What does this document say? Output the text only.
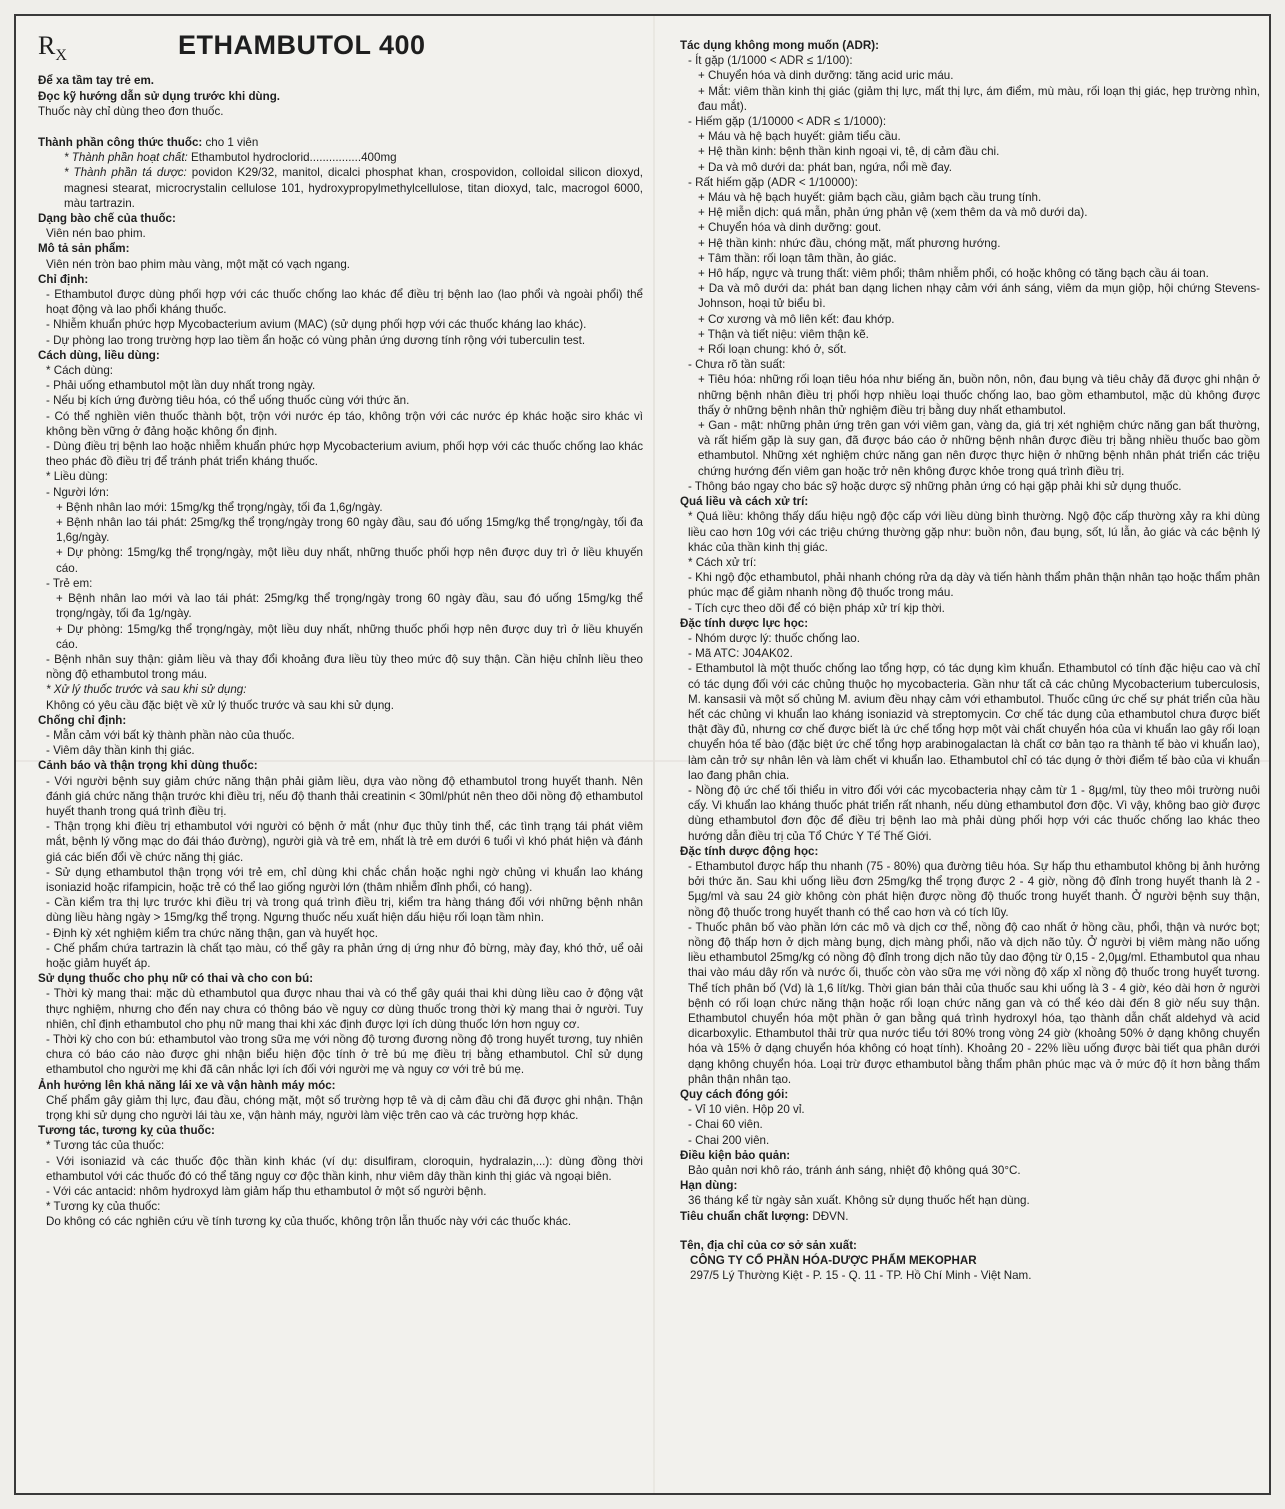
$R_X$	ETHAMBUTOL 400

Để xa tầm tay trẻ em.

Đọc kỹ hướng dẫn sử dụng trước khi dùng.

Thuốc này chỉ dùng theo đơn thuốc.

Thành phần công thức thuốc: cho 1 viên

* Thành phần hoạt chất: Ethambutol hydroclorid................400mg

* Thành phần tá dược: povidon K29/32, manitol, dicalci phosphat khan, crospovidon, colloidal silicon dioxyd, magnesi stearat, microcrystalin cellulose 101, hydroxypropylmethylcellulose, titan dioxyd, talc, macrogol 6000, màu tartrazin.

Dạng bào chế của thuốc:

Viên nén bao phim.

Mô tả sản phẩm:

Viên nén tròn bao phim màu vàng, một mặt có vạch ngang.

Chỉ định:

- Ethambutol được dùng phối hợp với các thuốc chống lao khác để điều trị bệnh lao (lao phổi và ngoài phổi) thể hoạt động và lao phổi kháng thuốc.

- Nhiễm khuẩn phức hợp Mycobacterium avium (MAC) (sử dụng phối hợp với các thuốc kháng lao khác).

- Dự phòng lao trong trường hợp lao tiềm ẩn hoặc có vùng phản ứng dương tính rộng với tuberculin test.

Cách dùng, liều dùng:

* Cách dùng:

- Phải uống ethambutol một lần duy nhất trong ngày.

- Nếu bị kích ứng đường tiêu hóa, có thể uống thuốc cùng với thức ăn.

- Có thể nghiền viên thuốc thành bột, trộn với nước ép táo, không trộn với các nước ép khác hoặc siro khác vì không bền vững ở đảng hoặc không ổn định.

- Dùng điều trị bệnh lao hoặc nhiễm khuẩn phức hợp Mycobacterium avium, phối hợp với các thuốc chống lao khác theo phác đồ điều trị để tránh phát triển kháng thuốc.

* Liều dùng:

- Người lớn:

+ Bệnh nhân lao mới: 15mg/kg thể trọng/ngày, tối đa 1,6g/ngày.

+ Bệnh nhân lao tái phát: 25mg/kg thể trọng/ngày trong 60 ngày đầu, sau đó uống 15mg/kg thể trọng/ngày, tối đa 1,6g/ngày.

+ Dự phòng: 15mg/kg thể trọng/ngày, một liều duy nhất, những thuốc phối hợp nên được duy trì ở liều khuyến cáo.

- Trẻ em:

+ Bệnh nhân lao mới và lao tái phát: 25mg/kg thể trọng/ngày trong 60 ngày đầu, sau đó uống 15mg/kg thể trọng/ngày, tối đa 1g/ngày.

+ Dự phòng: 15mg/kg thể trọng/ngày, một liều duy nhất, những thuốc phối hợp nên được duy trì ở liều khuyến cáo.

- Bệnh nhân suy thận: giảm liều và thay đổi khoảng đưa liều tùy theo mức độ suy thận. Cần hiệu chỉnh liều theo nồng độ ethambutol trong máu.

* Xử lý thuốc trước và sau khi sử dụng:

Không có yêu cầu đặc biệt về xử lý thuốc trước và sau khi sử dụng.

Chống chỉ định:

- Mẫn cảm với bất kỳ thành phần nào của thuốc.

- Viêm dây thần kinh thị giác.

Cảnh báo và thận trọng khi dùng thuốc:

- Với người bệnh suy giảm chức năng thận phải giảm liều, dựa vào nồng độ ethambutol trong huyết thanh. Nên đánh giá chức năng thận trước khi điều trị, nếu độ thanh thải creatinin < 30ml/phút nên theo dõi nồng độ ethambutol huyết thanh trong quá trình điều trị.

- Thận trọng khi điều trị ethambutol với người có bệnh ở mắt (như đục thủy tinh thể, các tình trạng tái phát viêm mắt, bệnh lý võng mạc do đái tháo đường), người già và trẻ em, nhất là trẻ em dưới 6 tuổi vì khó phát hiện và đánh giá các biến đổi về chức năng thị giác.

- Sử dụng ethambutol thận trọng với trẻ em, chỉ dùng khi chắc chắn hoặc nghi ngờ chủng vi khuẩn lao kháng isoniazid hoặc rifampicin, hoặc trẻ có thể lao giống người lớn (thâm nhiễm đỉnh phổi, có hang).

- Cần kiểm tra thị lực trước khi điều trị và trong quá trình điều trị, kiểm tra hàng tháng đối với những bệnh nhân dùng liều hàng ngày > 15mg/kg thể trọng. Ngưng thuốc nếu xuất hiện dấu hiệu rối loạn tầm nhìn.

- Định kỳ xét nghiệm kiểm tra chức năng thận, gan và huyết học.

- Chế phẩm chứa tartrazin là chất tạo màu, có thể gây ra phản ứng dị ứng như đỏ bừng, mày đay, khó thở, uể oải hoặc giảm huyết áp.

Sử dụng thuốc cho phụ nữ có thai và cho con bú:

- Thời kỳ mang thai: mặc dù ethambutol qua được nhau thai và có thể gây quái thai khi dùng liều cao ở động vật thực nghiệm, nhưng cho đến nay chưa có thông báo về nguy cơ dùng thuốc trong thời kỳ mang thai ở người. Tuy nhiên, chỉ định ethambutol cho phụ nữ mang thai khi xác định được lợi ích dùng thuốc lớn hơn nguy cơ.

- Thời kỳ cho con bú: ethambutol vào trong sữa mẹ với nồng độ tương đương nồng độ trong huyết tương, tuy nhiên chưa có báo cáo nào được ghi nhận biểu hiện độc tính ở trẻ bú mẹ điều trị bằng ethambutol. Chỉ sử dụng ethambutol cho người mẹ khi đã cân nhắc lợi ích đối với người mẹ và nguy cơ với trẻ bú mẹ.

Ảnh hưởng lên khả năng lái xe và vận hành máy móc:

Chế phẩm gây giảm thị lực, đau đầu, chóng mặt, một số trường hợp tê và dị cảm đầu chi đã được ghi nhận. Thận trọng khi sử dụng cho người lái tàu xe, vận hành máy, người làm việc trên cao và các trường hợp khác.

Tương tác, tương kỵ của thuốc:

* Tương tác của thuốc:

- Với isoniazid và các thuốc độc thần kinh khác (ví dụ: disulfiram, cloroquin, hydralazin,...): dùng đồng thời ethambutol với các thuốc đó có thể tăng nguy cơ độc thần kinh, như viêm dây thần kinh thị giác và ngoại biên.

- Với các antacid: nhôm hydroxyd làm giảm hấp thu ethambutol ở một số người bệnh.

* Tương kỵ của thuốc:

Do không có các nghiên cứu về tính tương kỵ của thuốc, không trộn lẫn thuốc này với các thuốc khác.

Tác dụng không mong muốn (ADR):

- Ít gặp (1/1000 < ADR ≤ 1/100):

+ Chuyển hóa và dinh dưỡng: tăng acid uric máu.

+ Mắt: viêm thần kinh thị giác (giảm thị lực, mất thị lực, ám điểm, mù màu, rối loạn thị giác, hẹp trường nhìn, đau mắt).

- Hiếm gặp (1/10000 < ADR ≤ 1/1000):

+ Máu và hệ bạch huyết: giảm tiểu cầu.

+ Hệ thần kinh: bệnh thần kinh ngoại vi, tê, dị cảm đầu chi.

+ Da và mô dưới da: phát ban, ngứa, nổi mề đay.

- Rất hiếm gặp (ADR < 1/10000):

+ Máu và hệ bạch huyết: giảm bạch cầu, giảm bạch cầu trung tính.

+ Hệ miễn dịch: quá mẫn, phản ứng phản vệ (xem thêm da và mô dưới da).

+ Chuyển hóa và dinh dưỡng: gout.

+ Hệ thần kinh: nhức đầu, chóng mặt, mất phương hướng.

+ Tâm thần: rối loạn tâm thần, ảo giác.

+ Hô hấp, ngực và trung thất: viêm phổi; thâm nhiễm phổi, có hoặc không có tăng bạch cầu ái toan.

+ Da và mô dưới da: phát ban dạng lichen nhạy cảm với ánh sáng, viêm da mụn giộp, hội chứng Stevens-Johnson, hoại tử biểu bì.

+ Cơ xương và mô liên kết: đau khớp.

+ Thận và tiết niệu: viêm thận kẽ.

+ Rối loạn chung: khó ở, sốt.

- Chưa rõ tần suất:

+ Tiêu hóa: những rối loạn tiêu hóa như biếng ăn, buồn nôn, nôn, đau bụng và tiêu chảy đã được ghi nhận ở những bệnh nhân điều trị phối hợp nhiều loại thuốc chống lao, bao gồm ethambutol, mặc dù không được thấy ở những bệnh nhân thử nghiệm điều trị bằng duy nhất ethambutol.

+ Gan - mật: những phản ứng trên gan với viêm gan, vàng da, giá trị xét nghiệm chức năng gan bất thường, và rất hiếm gặp là suy gan, đã được báo cáo ở những bệnh nhân được điều trị bằng nhiều thuốc bao gồm ethambutol. Những xét nghiệm chức năng gan nên được thực hiện ở những bệnh nhân phát triển các triệu chứng hướng đến viêm gan hoặc trở nên không được khỏe trong quá trình điều trị.

- Thông báo ngay cho bác sỹ hoặc dược sỹ những phản ứng có hại gặp phải khi sử dụng thuốc.

Quá liều và cách xử trí:

* Quá liều: không thấy dấu hiệu ngộ độc cấp với liều dùng bình thường. Ngộ độc cấp thường xảy ra khi dùng liều cao hơn 10g với các triệu chứng thường gặp như: buồn nôn, đau bụng, sốt, lú lẫn, ảo giác và các bệnh lý khác của thần kinh thị giác.

* Cách xử trí:

- Khi ngộ độc ethambutol, phải nhanh chóng rửa dạ dày và tiến hành thẩm phân thận nhân tạo hoặc thẩm phân phúc mạc để giảm nhanh nồng độ thuốc trong máu.

- Tích cực theo dõi để có biện pháp xử trí kịp thời.

Đặc tính dược lực học:

- Nhóm dược lý: thuốc chống lao.

- Mã ATC: J04AK02.

- Ethambutol là một thuốc chống lao tổng hợp, có tác dụng kìm khuẩn. Ethambutol có tính đặc hiệu cao và chỉ có tác dụng đối với các chủng thuộc họ mycobacteria. Gần như tất cả các chủng Mycobacterium tuberculosis, M. kansasii và một số chủng M. avium đều nhạy cảm với ethambutol. Thuốc cũng ức chế sự phát triển của hầu hết các chủng vi khuẩn lao kháng isoniazid và streptomycin. Cơ chế tác dụng của ethambutol chưa được biết thật đầy đủ, nhưng cơ chế được biết là ức chế tổng hợp một vài chất chuyển hóa của vi khuẩn lao gây rối loạn chuyển hóa tế bào (đặc biệt ức chế tổng hợp arabinogalactan là chất cơ bản tạo ra thành tế bào vi khuẩn lao), làm cản trở sự nhân lên và làm chết vi khuẩn lao. Ethambutol chỉ có tác dụng ở thời điểm tế bào của vi khuẩn lao đang phân chia.

- Nồng độ ức chế tối thiểu in vitro đối với các mycobacteria nhạy cảm từ 1 - 8µg/ml, tùy theo môi trường nuôi cấy. Vi khuẩn lao kháng thuốc phát triển rất nhanh, nếu dùng ethambutol đơn độc. Vì vậy, không bao giờ được dùng ethambutol đơn độc để điều trị bệnh lao mà phải dùng phối hợp với các thuốc chống lao khác theo hướng dẫn điều trị của Tổ Chức Y Tế Thế Giới.

Đặc tính dược động học:

- Ethambutol được hấp thu nhanh (75 - 80%) qua đường tiêu hóa. Sự hấp thu ethambutol không bị ảnh hưởng bởi thức ăn. Sau khi uống liều đơn 25mg/kg thể trọng được 2 - 4 giờ, nồng độ đỉnh trong huyết thanh là 2 - 5µg/ml và sau 24 giờ không còn phát hiện được nồng độ thuốc trong huyết thanh. Ở người bệnh suy thận, nồng độ thuốc trong huyết thanh có thể cao hơn và có tích lũy.

- Thuốc phân bố vào phần lớn các mô và dịch cơ thể, nồng độ cao nhất ở hồng cầu, phổi, thận và nước bọt; nồng độ thấp hơn ở dịch màng bụng, dịch màng phổi, não và dịch não tủy. Ở người bị viêm màng não uống liều ethambutol 25mg/kg có nồng độ đỉnh trong dịch não tủy dao động từ 0,15 - 2,0µg/ml. Ethambutol qua nhau thai vào máu dây rốn và nước ối, thuốc còn vào sữa mẹ với nồng độ xấp xỉ nồng độ thuốc trong huyết tương. Thể tích phân bố (Vd) là 1,6 lít/kg. Thời gian bán thải của thuốc sau khi uống là 3 - 4 giờ, kéo dài hơn ở người bệnh có rối loạn chức năng thận hoặc rối loạn chức năng gan và có thể kéo dài đến 8 giờ nếu suy thận. Ethambutol chuyển hóa một phần ở gan bằng quá trình hydroxyl hóa, tạo thành dẫn chất aldehyd và acid dicarboxylic. Ethambutol thải trừ qua nước tiểu tới 80% trong vòng 24 giờ (khoảng 50% ở dạng không chuyển hóa và 15% ở dạng chuyển hóa không có hoạt tính). Khoảng 20 - 22% liều uống được bài tiết qua phân dưới dạng không chuyển hóa. Loại trừ được ethambutol bằng thẩm phân phúc mạc và ở mức độ ít hơn bằng thẩm phân thận nhân tạo.

Quy cách đóng gói:

- Vỉ 10 viên. Hộp 20 vỉ.

- Chai 60 viên.

- Chai 200 viên.

Điều kiện bảo quản:

Bảo quản nơi khô ráo, tránh ánh sáng, nhiệt độ không quá 30°C.

Hạn dùng:

36 tháng kể từ ngày sản xuất. Không sử dụng thuốc hết hạn dùng.

Tiêu chuẩn chất lượng: DĐVN.

Tên, địa chỉ của cơ sở sản xuất:

CÔNG TY CỔ PHẦN HÓA-DƯỢC PHẨM MEKOPHAR

297/5 Lý Thường Kiệt - P. 15 - Q. 11 - TP. Hồ Chí Minh - Việt Nam.
